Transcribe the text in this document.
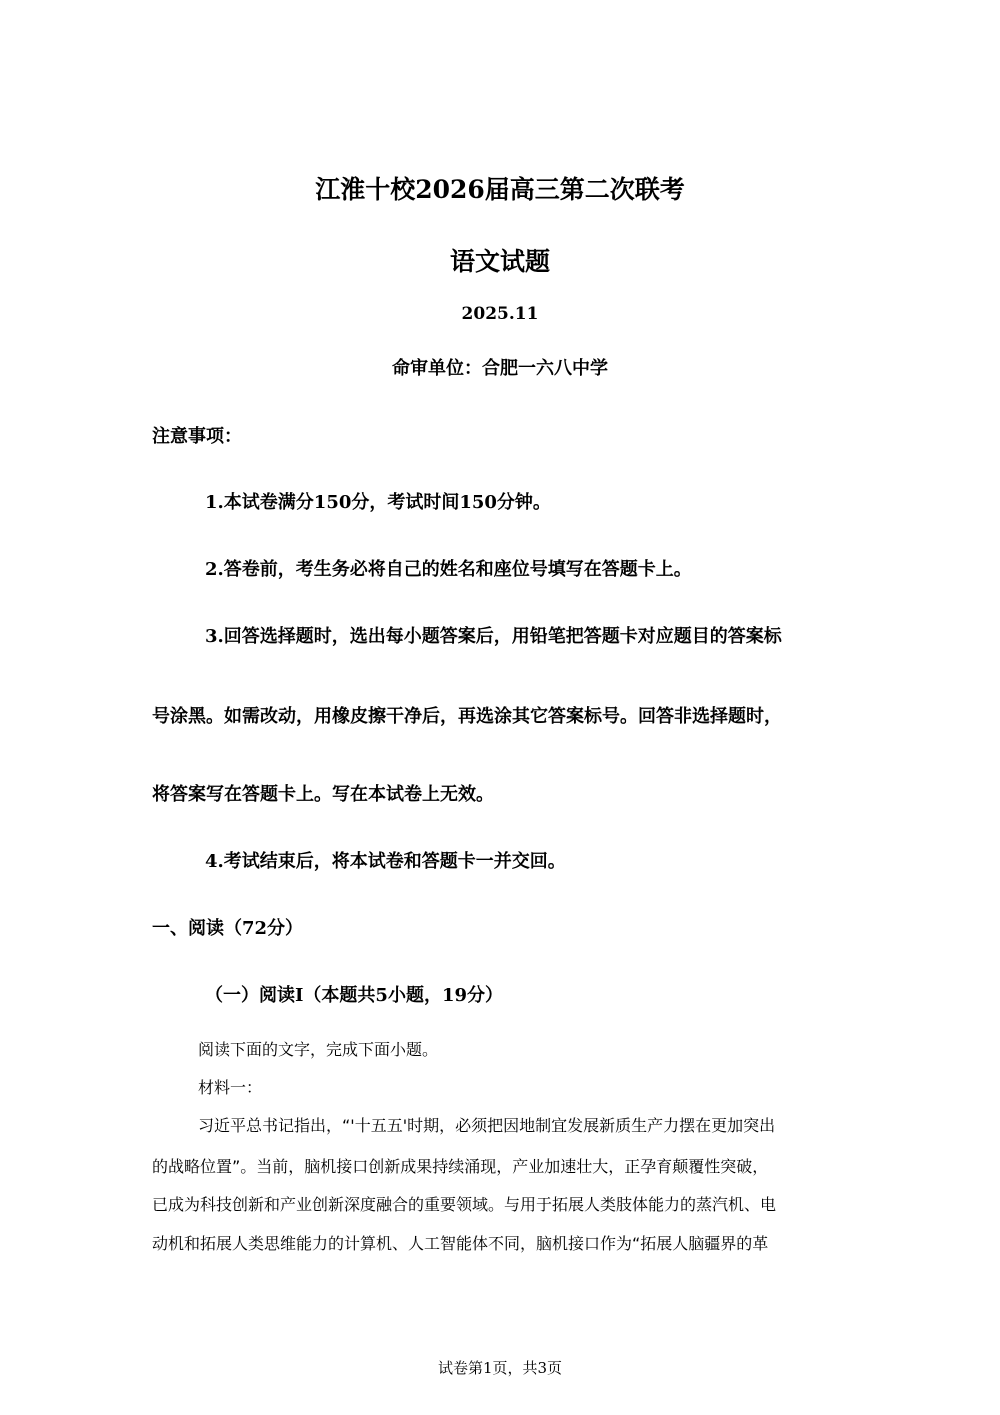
江淮十校2026届高三第二次联考
语文试题
2025.11
命审单位：合肥一六八中学
注意事项：
1.本试卷满分150分，考试时间150分钟。
2.答卷前，考生务必将自己的姓名和座位号填写在答题卡上。
3.回答选择题时，选出每小题答案后，用铅笔把答题卡对应题目的答案标
号涂黑。如需改动，用橡皮擦干净后，再选涂其它答案标号。回答非选择题时，
将答案写在答题卡上。写在本试卷上无效。
4.考试结束后，将本试卷和答题卡一并交回。
一、阅读（72分）
（一）阅读Ⅰ（本题共5小题，19分）
阅读下面的文字，完成下面小题。
材料一：
习近平总书记指出，“'十五五'时期，必须把因地制宜发展新质生产力摆在更加突出
的战略位置”。当前，脑机接口创新成果持续涌现，产业加速壮大，正孕育颠覆性突破，
已成为科技创新和产业创新深度融合的重要领域。与用于拓展人类肢体能力的蒸汽机、电
动机和拓展人类思维能力的计算机、人工智能体不同，脑机接口作为“拓展人脑疆界的革
试卷第1页，共3页
